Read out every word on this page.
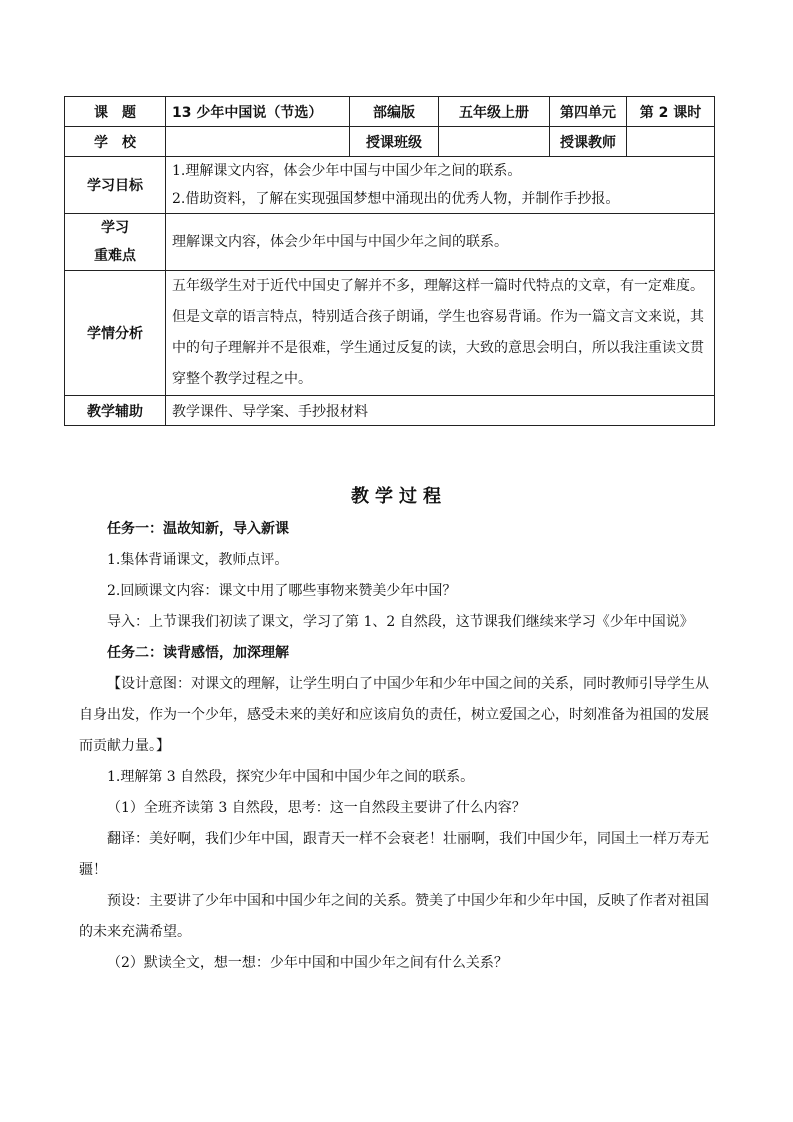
课　题	13 少年中国说（节选）	部编版	五年级上册	第四单元	第 2 课时
学　校		授课班级		授课教师	
学习目标	1.理解课文内容，体会少年中国与中国少年之间的联系。
2.借助资料，了解在实现强国梦想中涌现出的优秀人物，并制作手抄报。				

学习
重难点	理解课文内容，体会少年中国与中国少年之间的联系。				
学情分析	五年级学生对于近代中国史了解并不多，理解这样一篇时代特点的文章，有一定难度。但是文章的语言特点，特别适合孩子朗诵，学生也容易背诵。作为一篇文言文来说，其中的句子理解并不是很难，学生通过反复的读，大致的意思会明白，所以我注重读文贯穿整个教学过程之中。				
教学辅助	教学课件、导学案、手抄报材料				
教学过程

任务一：温故知新，导入新课

1.集体背诵课文，教师点评。

2.回顾课文内容：课文中用了哪些事物来赞美少年中国？

导入：上节课我们初读了课文，学习了第 1、2 自然段，这节课我们继续来学习《少年中国说》

任务二：读背感悟，加深理解

【设计意图：对课文的理解，让学生明白了中国少年和少年中国之间的关系，同时教师引导学生从自身出发，作为一个少年，感受未来的美好和应该肩负的责任，树立爱国之心，时刻准备为祖国的发展而贡献力量。】

1.理解第 3 自然段，探究少年中国和中国少年之间的联系。

（1）全班齐读第 3 自然段，思考：这一自然段主要讲了什么内容？

翻译：美好啊，我们少年中国，跟青天一样不会衰老！壮丽啊，我们中国少年，同国土一样万寿无疆！

预设：主要讲了少年中国和中国少年之间的关系。赞美了中国少年和少年中国，反映了作者对祖国的未来充满希望。

（2）默读全文，想一想：少年中国和中国少年之间有什么关系？
